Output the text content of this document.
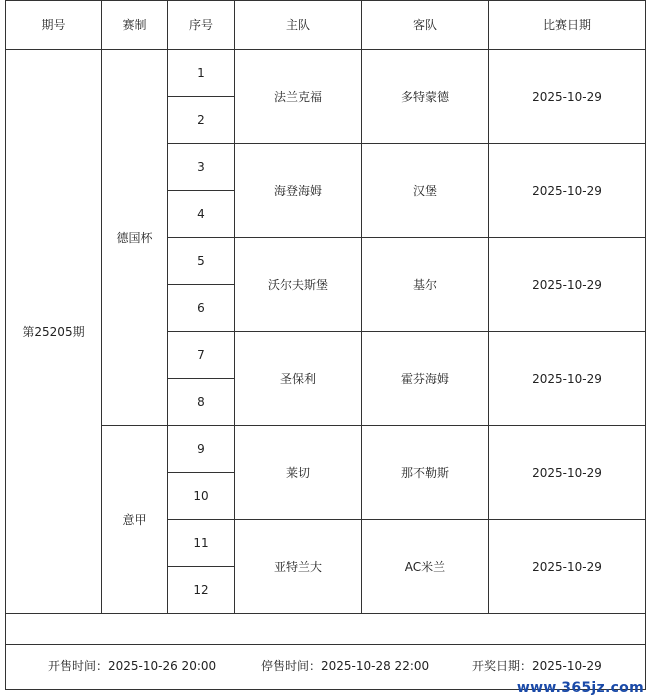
期号	赛制	序号	主队	客队	比赛日期
第25205期	德国杯	1	法兰克福	多特蒙德	2025-10-29
		2			
		3	海登海姆	汉堡	2025-10-29
		4			
		5	沃尔夫斯堡	基尔	2025-10-29
		6			
		7	圣保利	霍芬海姆	2025-10-29
		8			
	意甲	9	莱切	那不勒斯	2025-10-29
		10			
		11	亚特兰大	AC米兰	2025-10-29
		12			

开售时间：2025-10-26 20:00 停售时间：2025-10-28 22:00 开奖日期：2025-10-29					
www.365jz.com
